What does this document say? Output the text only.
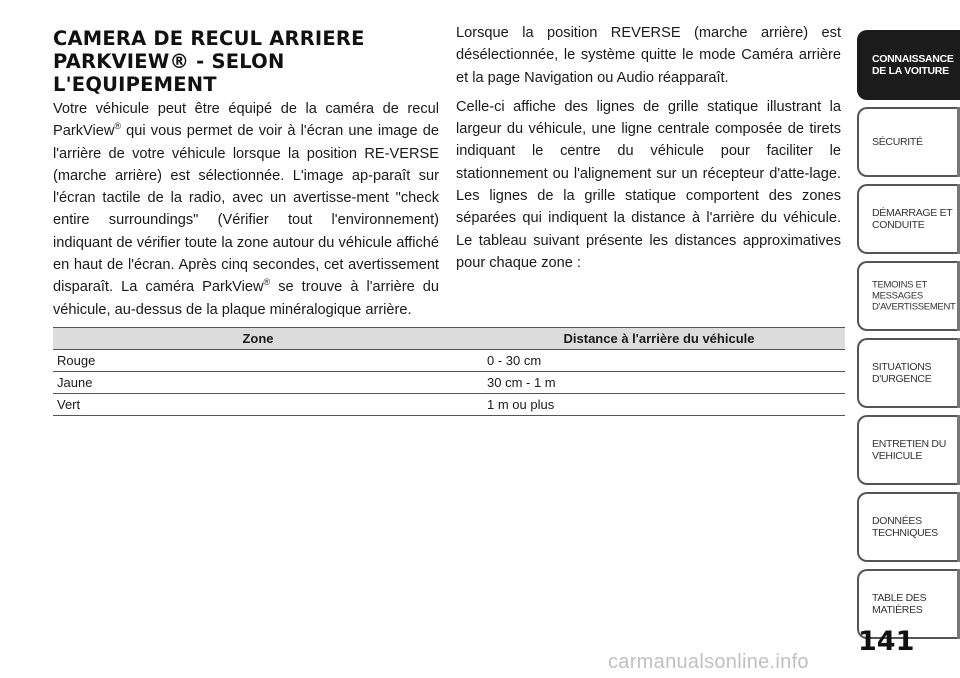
CAMERA DE RECUL ARRIERE
PARKVIEW® - SELON
L'EQUIPEMENT

Votre véhicule peut être équipé de la caméra de recul ParkView® qui vous permet de voir à l'écran une image de l'arrière de votre véhicule lorsque la position RE-VERSE (marche arrière) est sélectionnée. L'image ap-paraît sur l'écran tactile de la radio, avec un avertisse-ment "check entire surroundings" (Vérifier tout l'environnement) indiquant de vérifier toute la zone autour du véhicule affiché en haut de l'écran. Après cinq secondes, cet avertissement disparaît. La caméra ParkView® se trouve à l'arrière du véhicule, au-dessus de la plaque minéralogique arrière.

Lorsque la position REVERSE (marche arrière) est désélectionnée, le système quitte le mode Caméra arrière et la page Navigation ou Audio réapparaît.

Celle-ci affiche des lignes de grille statique illustrant la largeur du véhicule, une ligne centrale composée de tirets indiquant le centre du véhicule pour faciliter le stationnement ou l'alignement sur un récepteur d'atte-lage. Les lignes de la grille statique comportent des zones séparées qui indiquent la distance à l'arrière du véhicule. Le tableau suivant présente les distances approximatives pour chaque zone :

Zone	Distance à l'arrière du véhicule
Rouge	0 - 30 cm
Jaune	30 cm - 1 m
Vert	1 m ou plus
CONNAISSANCE DE LA VOITURE
SÉCURITÉ
DÉMARRAGE ET CONDUITE
TEMOINS ET MESSAGES D'AVERTISSEMENT
SITUATIONS D'URGENCE
ENTRETIEN DU VEHICULE
DONNÉES TECHNIQUES
TABLE DES MATIÈRES
141
carmanualsonline.info
